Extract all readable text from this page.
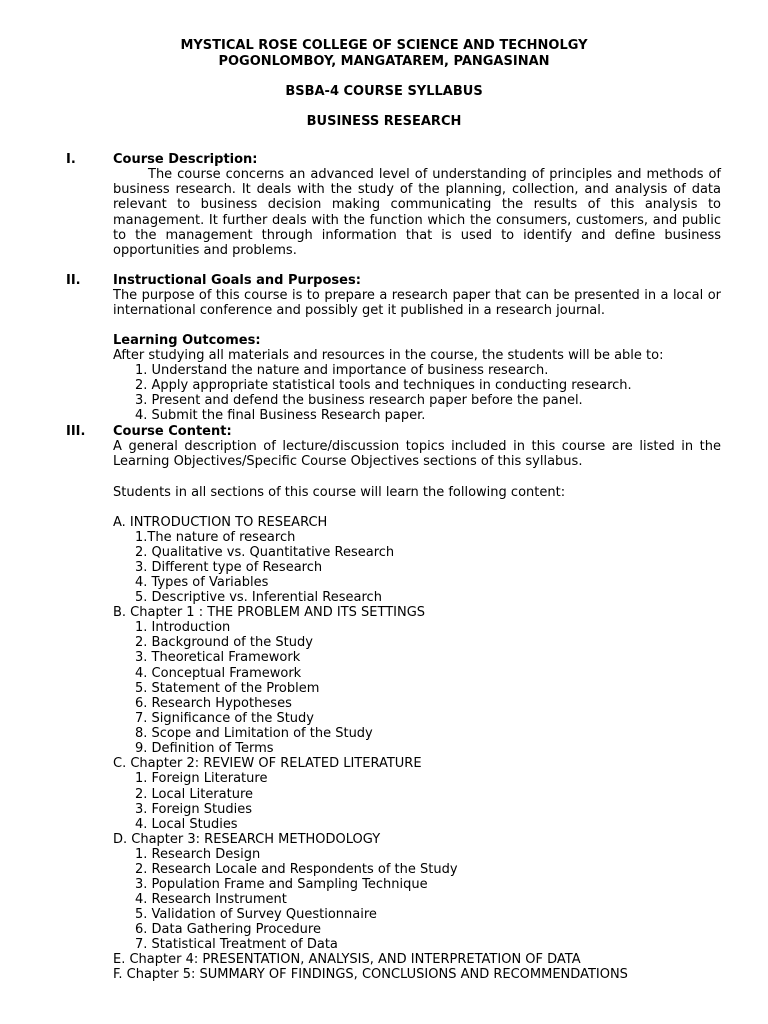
MYSTICAL ROSE COLLEGE OF SCIENCE AND TECHNOLGY
POGONLOMBOY, MANGATAREM, PANGASINAN
BSBA-4 COURSE SYLLABUS
BUSINESS RESEARCH
I.	Course Description:

The course concerns an advanced level of understanding of principles and methods of business research. It deals with the study of the planning, collection, and analysis of data relevant to business decision making communicating the results of this analysis to management. It further deals with the function which the consumers, customers, and public to the management through information that is used to identify and define business opportunities and problems.

II. Instructional Goals and Purposes:

The purpose of this course is to prepare a research paper that can be presented in a local or international conference and possibly get it published in a research journal.

Learning Outcomes:
After studying all materials and resources in the course, the students will be able to:
1. Understand the nature and importance of business research.
2. Apply appropriate statistical tools and techniques in conducting research.
3. Present and defend the business research paper before the panel.
4. Submit the final Business Research paper.
III. Course Content:

A general description of lecture/discussion topics included in this course are listed in the Learning Objectives/Specific Course Objectives sections of this syllabus.

Students in all sections of this course will learn the following content:
A. INTRODUCTION TO RESEARCH
1.The nature of research
2. Qualitative vs. Quantitative Research
3. Different type of Research
4. Types of Variables
5. Descriptive vs. Inferential Research
B. Chapter 1 : THE PROBLEM AND ITS SETTINGS
1. Introduction
2. Background of the Study
3. Theoretical Framework
4. Conceptual Framework
5. Statement of the Problem
6. Research Hypotheses
7. Significance of the Study
8. Scope and Limitation of the Study
9. Definition of Terms
C. Chapter 2: REVIEW OF RELATED LITERATURE
1. Foreign Literature
2. Local Literature
3. Foreign Studies
4. Local Studies
D. Chapter 3: RESEARCH METHODOLOGY
1. Research Design
2. Research Locale and Respondents of the Study
3. Population Frame and Sampling Technique
4. Research Instrument
5. Validation of Survey Questionnaire
6. Data Gathering Procedure
7. Statistical Treatment of Data
E. Chapter 4: PRESENTATION, ANALYSIS, AND INTERPRETATION OF DATA
F. Chapter 5: SUMMARY OF FINDINGS, CONCLUSIONS AND RECOMMENDATIONS
